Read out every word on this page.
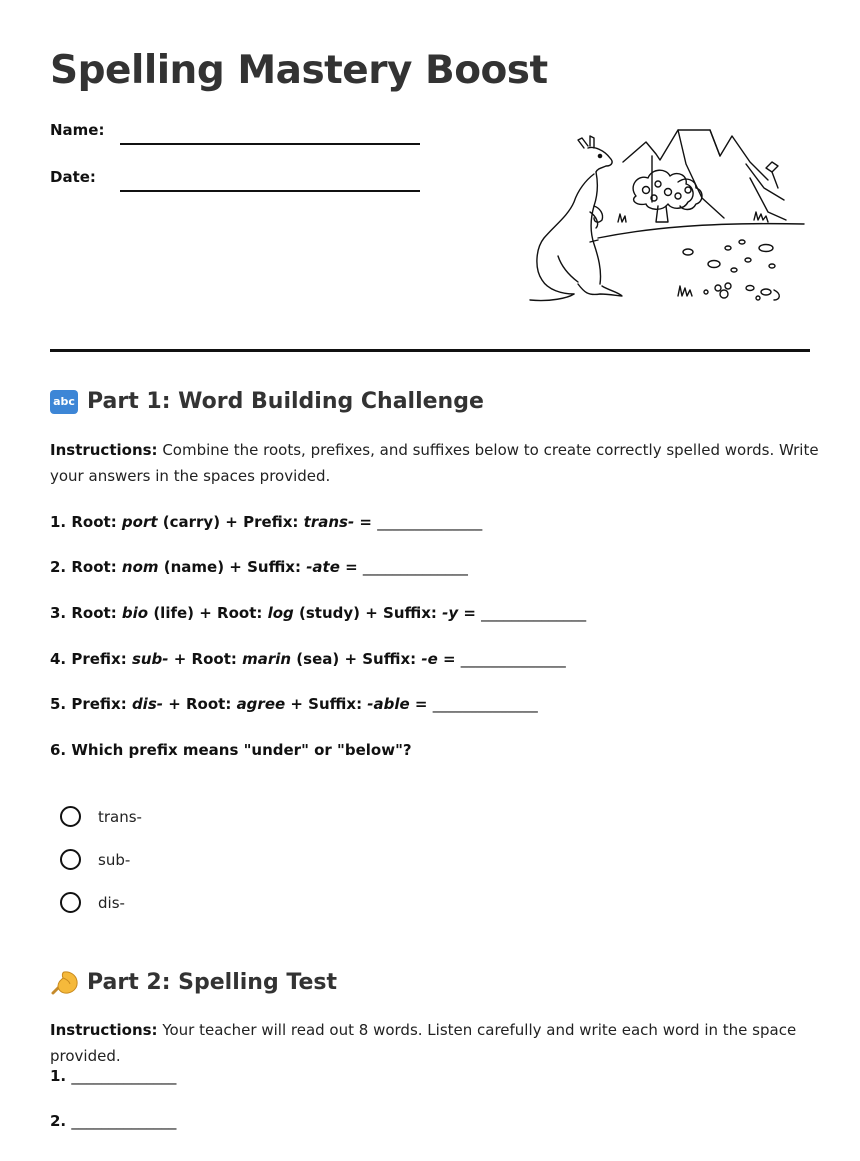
Spelling Mastery Boost
Name:
Date:
abc Part 1: Word Building Challenge

Instructions: Combine the roots, prefixes, and suffixes below to create correctly spelled words. Write your answers in the spaces provided.

1. Root: port (carry) + Prefix: trans- = ______________

2. Root: nom (name) + Suffix: -ate = ______________

3. Root: bio (life) + Root: log (study) + Suffix: -y = ______________

4. Prefix: sub- + Root: marin (sea) + Suffix: -e = ______________

5. Prefix: dis- + Root: agree + Suffix: -able = ______________

6. Which prefix means "under" or "below"?

trans-
sub-
dis-
Part 2: Spelling Test

Instructions: Your teacher will read out 8 words. Listen carefully and write each word in the space provided.

1. ______________

2. ______________
